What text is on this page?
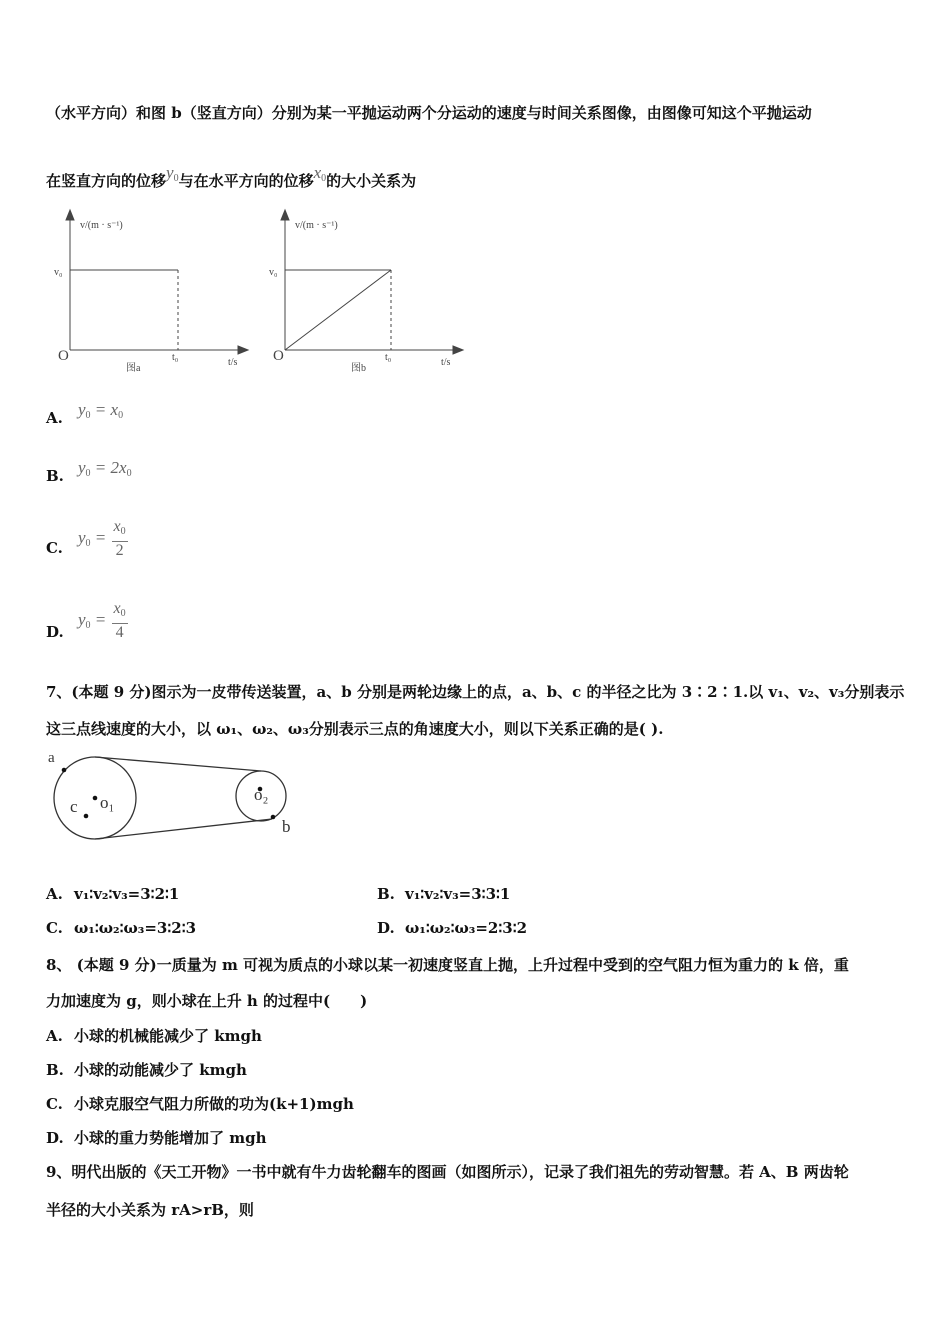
（水平方向）和图 b（竖直方向）分别为某一平抛运动两个分运动的速度与时间关系图像，由图像可知这个平抛运动
在竖直方向的位移$y_0$与在水平方向的位移$x_0$的大小关系为
v/(m · s⁻¹)
v₀
O	t₀	t/s
图a
v/(m · s⁻¹)
v₀
O	t₀	t/s
图b
A. $y_0 = x_0$
B. $y_0 = 2x_0$
$C.y_0 = \frac{x_0}{2}$
$D.y_0 = \frac{x_0}{4}$
7、(本题 9 分)图示为一皮带传送装置，a、b 分别是两轮边缘上的点，a、b、c 的半径之比为 3∶2∶1.以 v₁、v₂、v₃分别表示
这三点线速度的大小，以 ω₁、ω₂、ω₃分别表示三点的角速度大小，则以下关系正确的是( ).
a
c o₁	o₂
b
A. v₁∶v₂∶v₃=3∶2∶1	B. v₁∶v₂∶v₃=3∶3∶1
C. ω₁∶ω₂∶ω₃=3∶2∶3	D. ω₁∶ω₂∶ω₃=2∶3∶2
8、 (本题 9 分)一质量为 m 可视为质点的小球以某一初速度竖直上抛，上升过程中受到的空气阻力恒为重力的 k 倍，重
力加速度为 g，则小球在上升 h 的过程中(　　)
A. 小球的机械能减少了 kmgh
B. 小球的动能减少了 kmgh
C. 小球克服空气阻力所做的功为(k+1)mgh
D. 小球的重力势能增加了 mgh
9、明代出版的《天工开物》一书中就有牛力齿轮翻车的图画（如图所示），记录了我们祖先的劳动智慧。若 A、B 两齿轮
半径的大小关系为 rA>rB，则
